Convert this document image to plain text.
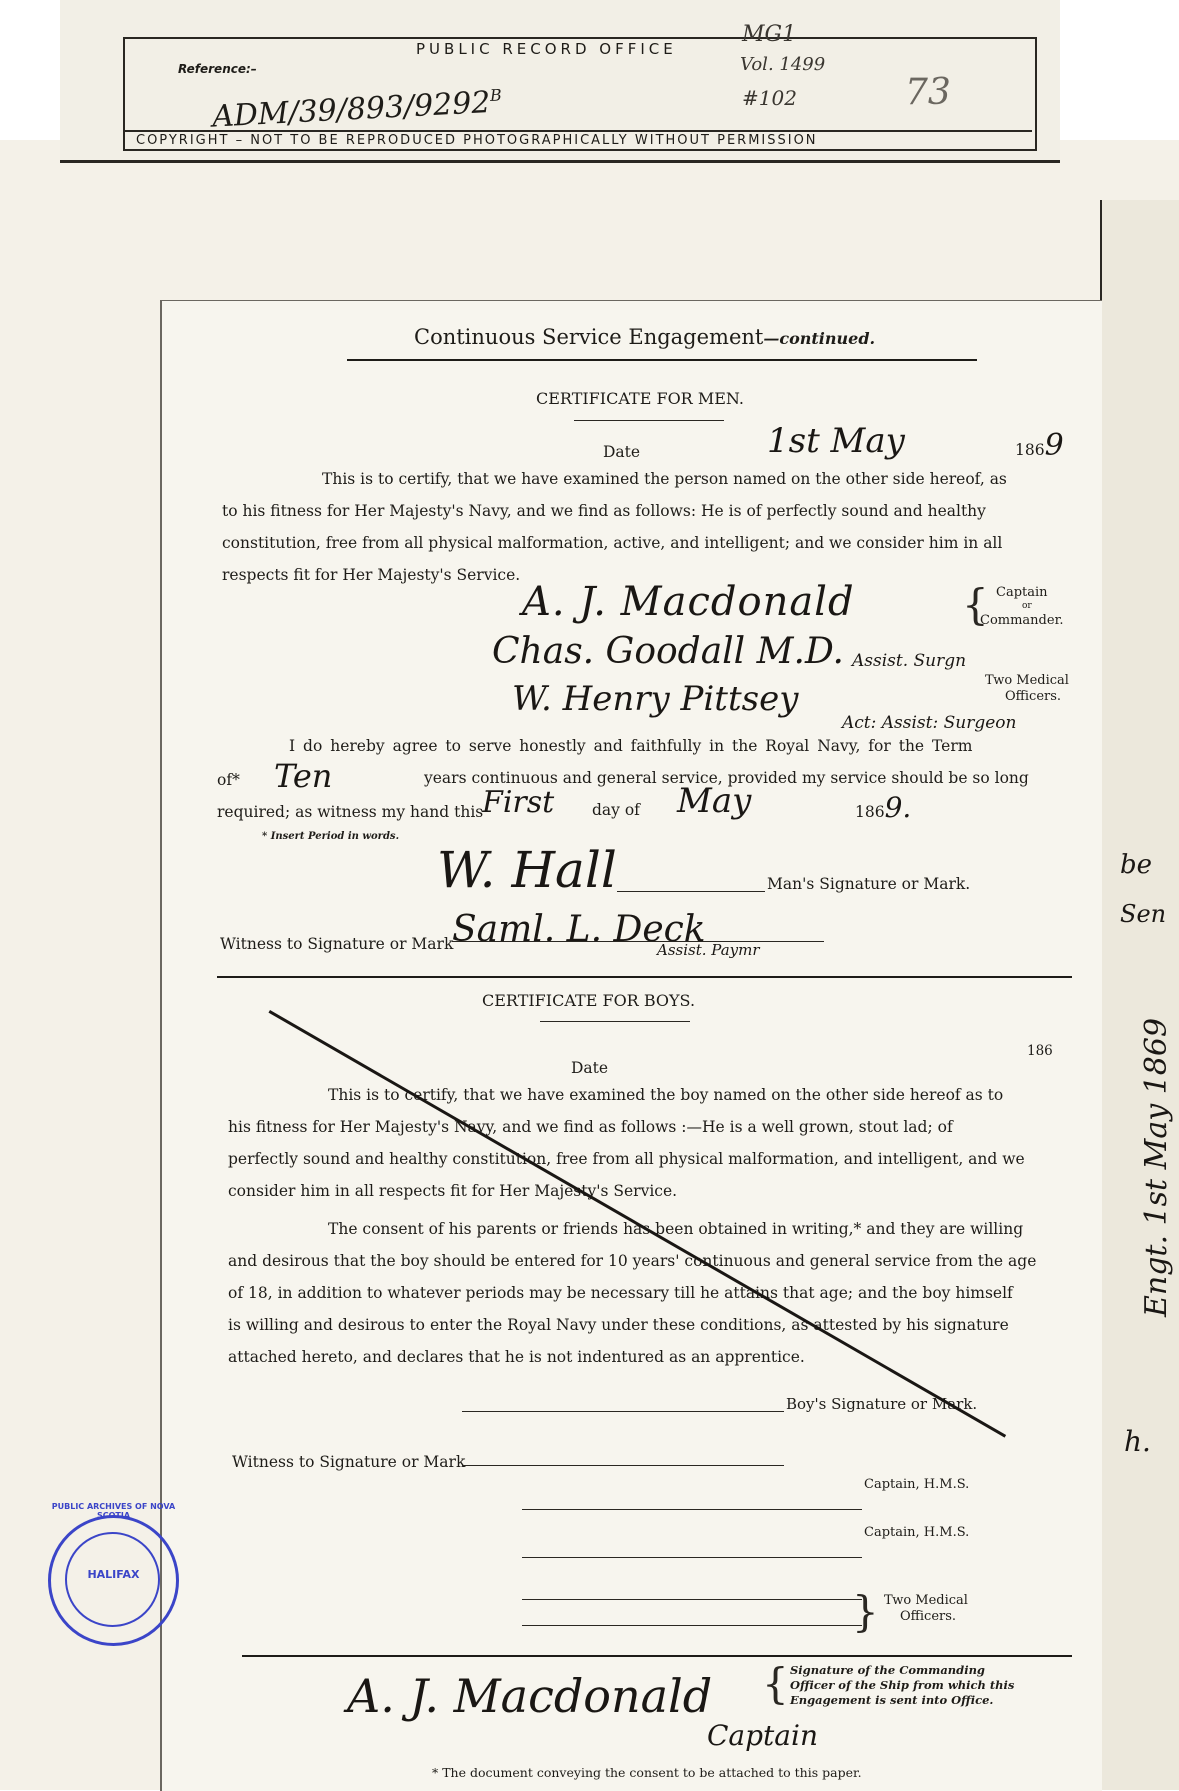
be
Sen
Engt. 1st May 1869
h.
PUBLIC RECORD OFFICE
Reference:–
ADM/$39/893/9292^B$
MG1
Vol. 1499
#102	73
COPYRIGHT – NOT TO BE REPRODUCED PHOTOGRAPHICALLY WITHOUT PERMISSION
Continuous Service Engagement—continued.
CERTIFICATE FOR MEN.
Date	1st May	1869
This is to certify, that we have examined the person named on the other side hereof, as
to his fitness for Her Majesty's Navy, and we find as follows: He is of perfectly sound and healthy
constitution, free from all physical malformation, active, and intelligent; and we consider him in all
respects fit for Her Majesty's Service.
A. J. Macdonald	{ Captain
or
Commander.
Chas. Goodall M.D. Assist. Surgn
W. Henry Pittsey
Act: Assist: Surgeon
Two Medical
Officers.
I do hereby agree to serve honestly and faithfully in the Royal Navy, for the Term
of* Ten	years continuous and general service, provided my service should be so long
required; as witness my hand this
First day of May	1869.
* Insert Period in words.
W. Hall	Man's Signature or Mark.
Witness to Signature or Mark
Saml. L. Deck
Assist. Paymr
CERTIFICATE FOR BOYS.
186
Date
This is to certify, that we have examined the boy named on the other side hereof as to
his fitness for Her Majesty's Navy, and we find as follows :—He is a well grown, stout lad; of
perfectly sound and healthy constitution, free from all physical malformation, and intelligent, and we
consider him in all respects fit for Her Majesty's Service.
The consent of his parents or friends has been obtained in writing,* and they are willing
and desirous that the boy should be entered for 10 years' continuous and general service from the age
of 18, in addition to whatever periods may be necessary till he attains that age; and the boy himself
is willing and desirous to enter the Royal Navy under these conditions, as attested by his signature
attached hereto, and declares that he is not indentured as an apprentice.
Boy's Signature or Mark.
Witness to Signature or Mark
Captain, H.M.S.
Captain, H.M.S.
} Two Medical
Officers.
A. J. Macdonald
Captain
{ Signature of the Commanding
Officer of the Ship from which this
Engagement is sent into Office.
* The document conveying the consent to be attached to this paper.
PUBLIC ARCHIVES OF NOVA SCOTIA
HALIFAX
